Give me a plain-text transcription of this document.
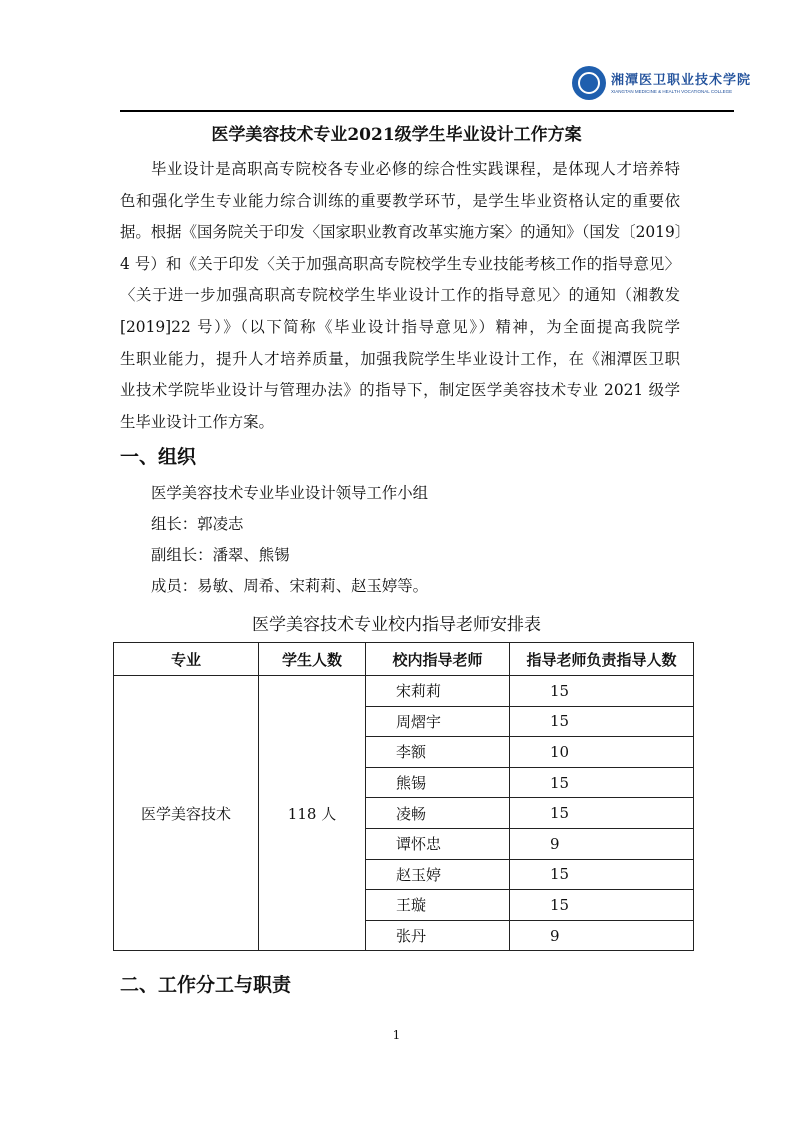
湘潭医卫职业技术学院
XIANGTAN MEDICINE & HEALTH VOCATIONAL COLLEGE
医学美容技术专业2021级学生毕业设计工作方案
毕业设计是高职高专院校各专业必修的综合性实践课程，是体现人才培养特
色和强化学生专业能力综合训练的重要教学环节，是学生毕业资格认定的重要依
据。根据《国务院关于印发〈国家职业教育改革实施方案〉的通知》（国发〔2019〕
4 号）和《关于印发〈关于加强高职高专院校学生专业技能考核工作的指导意见〉
〈关于进一步加强高职高专院校学生毕业设计工作的指导意见〉的通知（湘教发
[2019]22 号）》（以下简称《毕业设计指导意见》）精神，为全面提高我院学
生职业能力，提升人才培养质量，加强我院学生毕业设计工作，在《湘潭医卫职
业技术学院毕业设计与管理办法》的指导下，制定医学美容技术专业 2021 级学
生毕业设计工作方案。
一、组织
医学美容技术专业毕业设计领导工作小组
组长：郭凌志
副组长：潘翠、熊锡
成员：易敏、周希、宋莉莉、赵玉婷等。
医学美容技术专业校内指导老师安排表
专业	学生人数	校内指导老师	指导老师负责指导人数
医学美容技术	118 人	宋莉莉	15
		周熠宇	15
		李额	10
		熊锡	15
		凌畅	15
		谭怀忠	9
		赵玉婷	15
		王璇	15
		张丹	9
二、工作分工与职责
1
